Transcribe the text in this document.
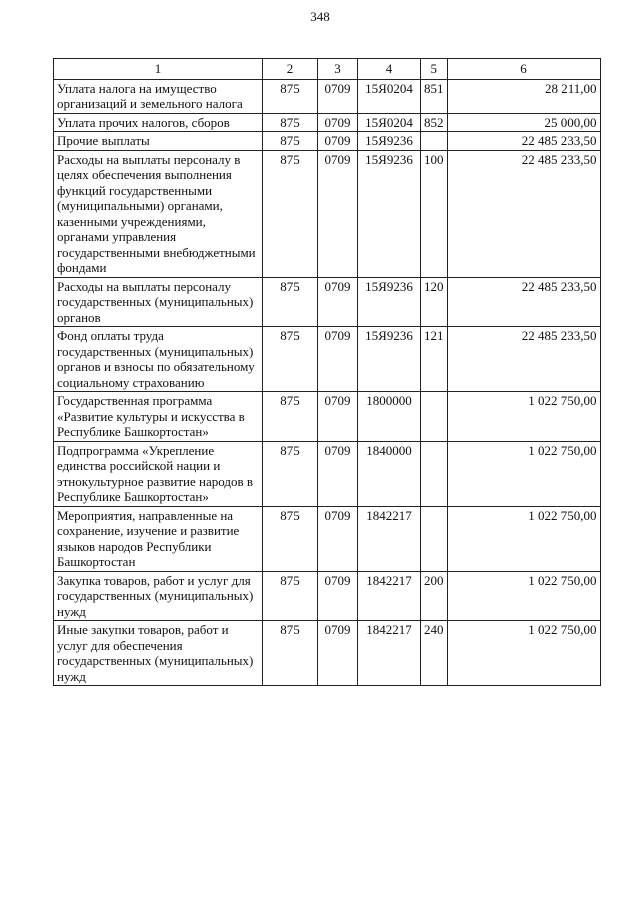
348
1	2	3	4	5	6
Уплата налога на имущество организаций и земельного налога	875	0709	15Я0204	851	28 211,00
Уплата прочих налогов, сборов	875	0709	15Я0204	852	25 000,00
Прочие выплаты	875	0709	15Я9236		22 485 233,50
Расходы на выплаты персоналу в целях обеспечения выполнения функций государственными (муниципальными) органами, казенными учреждениями, органами управления государственными внебюджетными фондами	875	0709	15Я9236	100	22 485 233,50
Расходы на выплаты персоналу государственных (муниципальных) органов	875	0709	15Я9236	120	22 485 233,50
Фонд оплаты труда государственных (муниципальных) органов и взносы по обязательному социальному страхованию	875	0709	15Я9236	121	22 485 233,50
Государственная программа «Развитие культуры и искусства в Республике Башкортостан»	875	0709	1800000		1 022 750,00
Подпрограмма «Укрепление единства российской нации и этнокультурное развитие народов в Республике Башкортостан»	875	0709	1840000		1 022 750,00
Мероприятия, направленные на сохранение, изучение и развитие языков народов Республики Башкортостан	875	0709	1842217		1 022 750,00
Закупка товаров, работ и услуг для государственных (муниципальных) нужд	875	0709	1842217	200	1 022 750,00
Иные закупки товаров, работ и услуг для обеспечения государственных (муниципальных) нужд	875	0709	1842217	240	1 022 750,00
